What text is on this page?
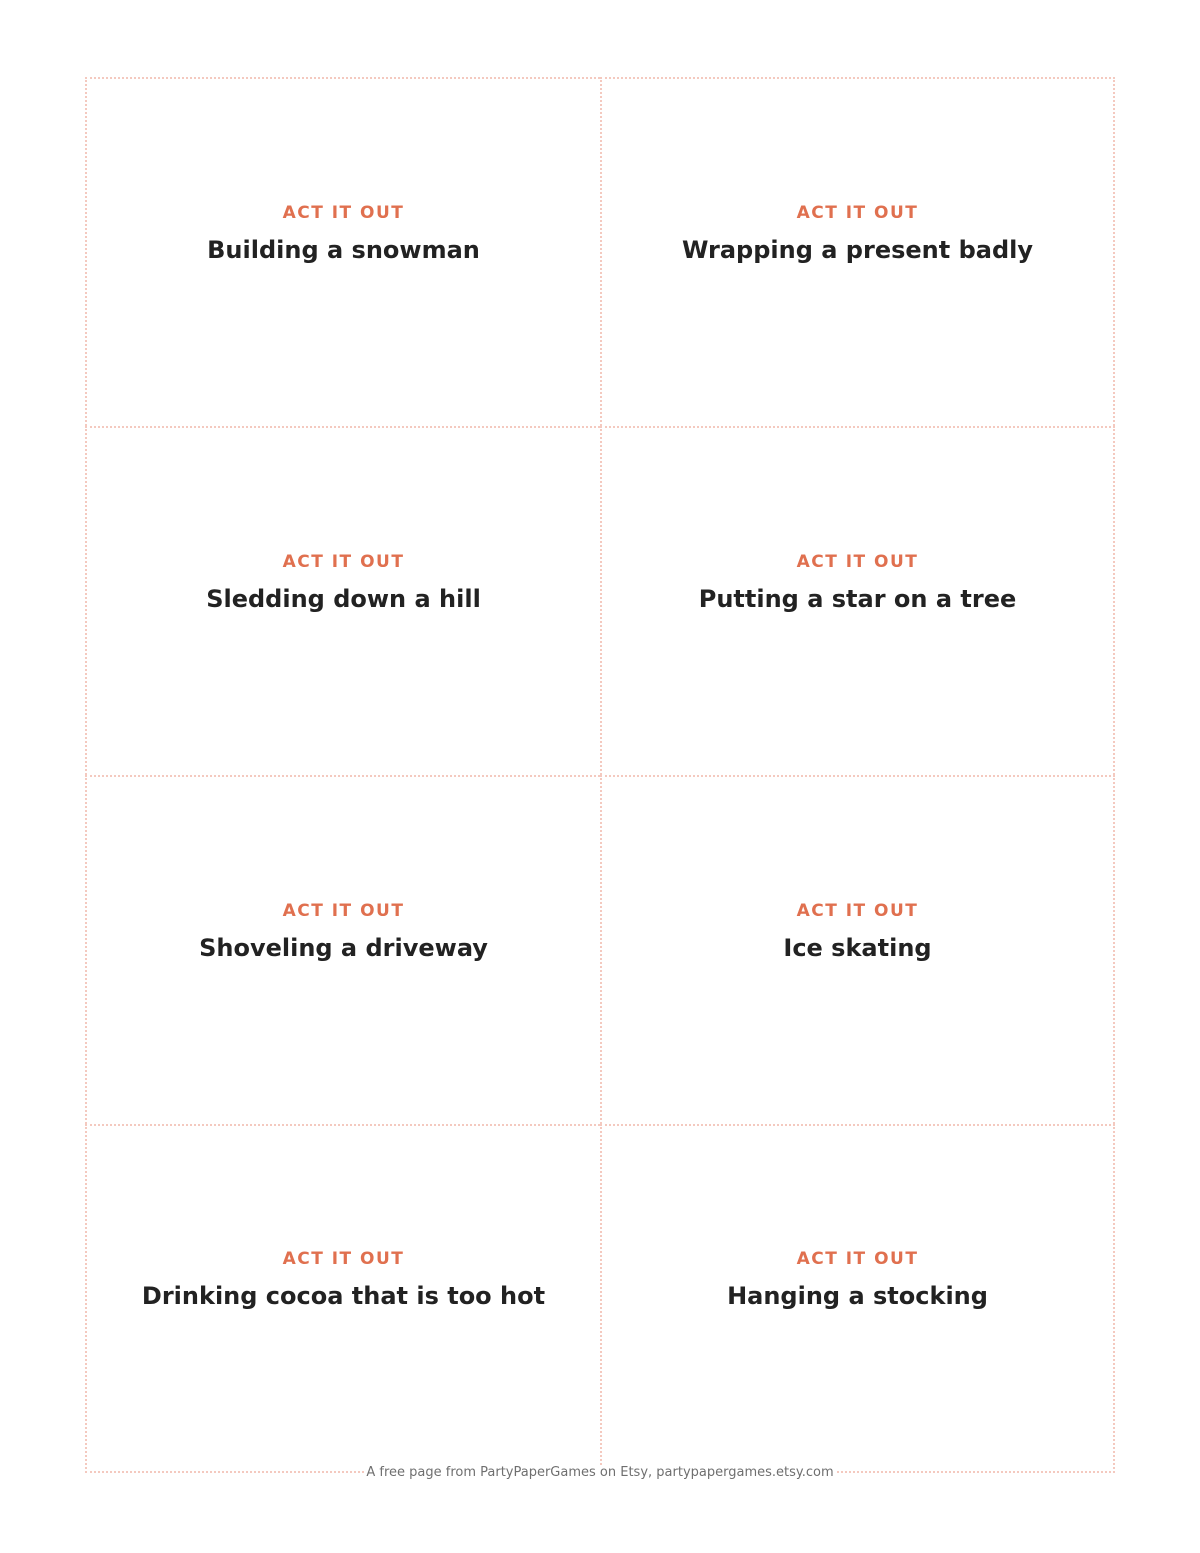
ACT IT OUT
Building a snowman
ACT IT OUT
Wrapping a present badly
ACT IT OUT
Sledding down a hill
ACT IT OUT
Putting a star on a tree
ACT IT OUT
Shoveling a driveway
ACT IT OUT
Ice skating
ACT IT OUT
Drinking cocoa that is too hot
ACT IT OUT
Hanging a stocking
A free page from PartyPaperGames on Etsy, partypapergames.etsy.com
